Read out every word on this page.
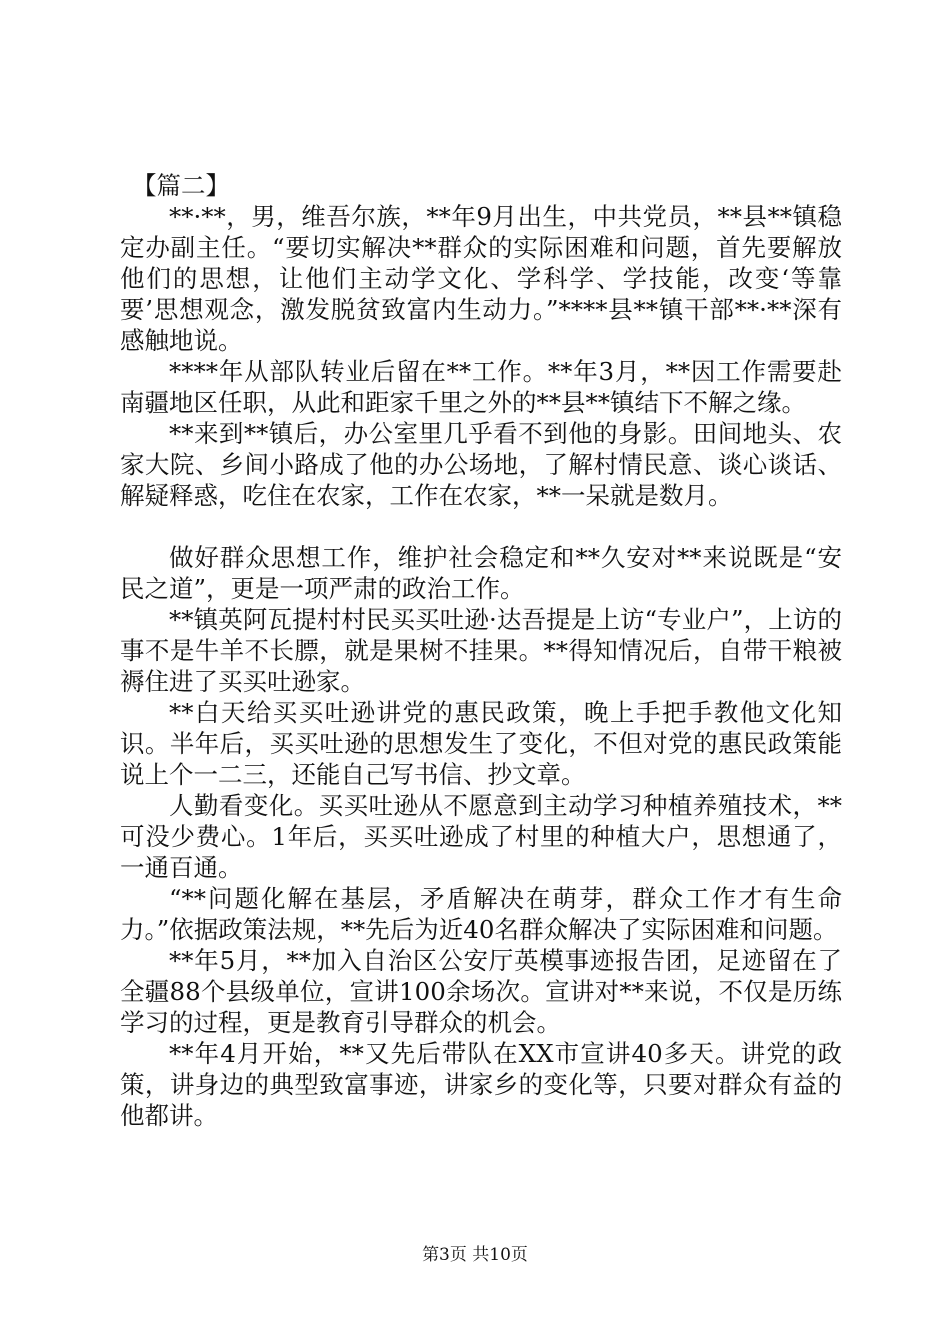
【篇二】

**·**，男，维吾尔族，**年9月出生，中共党员，**县**镇稳定办副主任。“要切实解决**群众的实际困难和问题，首先要解放他们的思想，让他们主动学文化、学科学、学技能，改变‘等靠要’思想观念，激发脱贫致富内生动力。”****县**镇干部**·**深有感触地说。

****年从部队转业后留在**工作。**年3月，**因工作需要赴南疆地区任职，从此和距家千里之外的**县**镇结下不解之缘。

**来到**镇后，办公室里几乎看不到他的身影。田间地头、农家大院、乡间小路成了他的办公场地，了解村情民意、谈心谈话、解疑释惑，吃住在农家，工作在农家，**一呆就是数月。

做好群众思想工作，维护社会稳定和**久安对**来说既是“安民之道”，更是一项严肃的政治工作。

**镇英阿瓦提村村民买买吐逊·达吾提是上访“专业户”，上访的事不是牛羊不长膘，就是果树不挂果。**得知情况后，自带干粮被褥住进了买买吐逊家。

**白天给买买吐逊讲党的惠民政策，晚上手把手教他文化知识。半年后，买买吐逊的思想发生了变化，不但对党的惠民政策能说上个一二三，还能自己写书信、抄文章。

人勤看变化。买买吐逊从不愿意到主动学习种植养殖技术，**可没少费心。1年后，买买吐逊成了村里的种植大户，思想通了，一通百通。

“**问题化解在基层，矛盾解决在萌芽，群众工作才有生命力。”依据政策法规，**先后为近40名群众解决了实际困难和问题。

**年5月，**加入自治区公安厅英模事迹报告团，足迹留在了全疆88个县级单位，宣讲100余场次。宣讲对**来说，不仅是历练学习的过程，更是教育引导群众的机会。

**年4月开始，**又先后带队在XX市宣讲40多天。讲党的政策，讲身边的典型致富事迹，讲家乡的变化等，只要对群众有益的他都讲。

第3页 共10页
